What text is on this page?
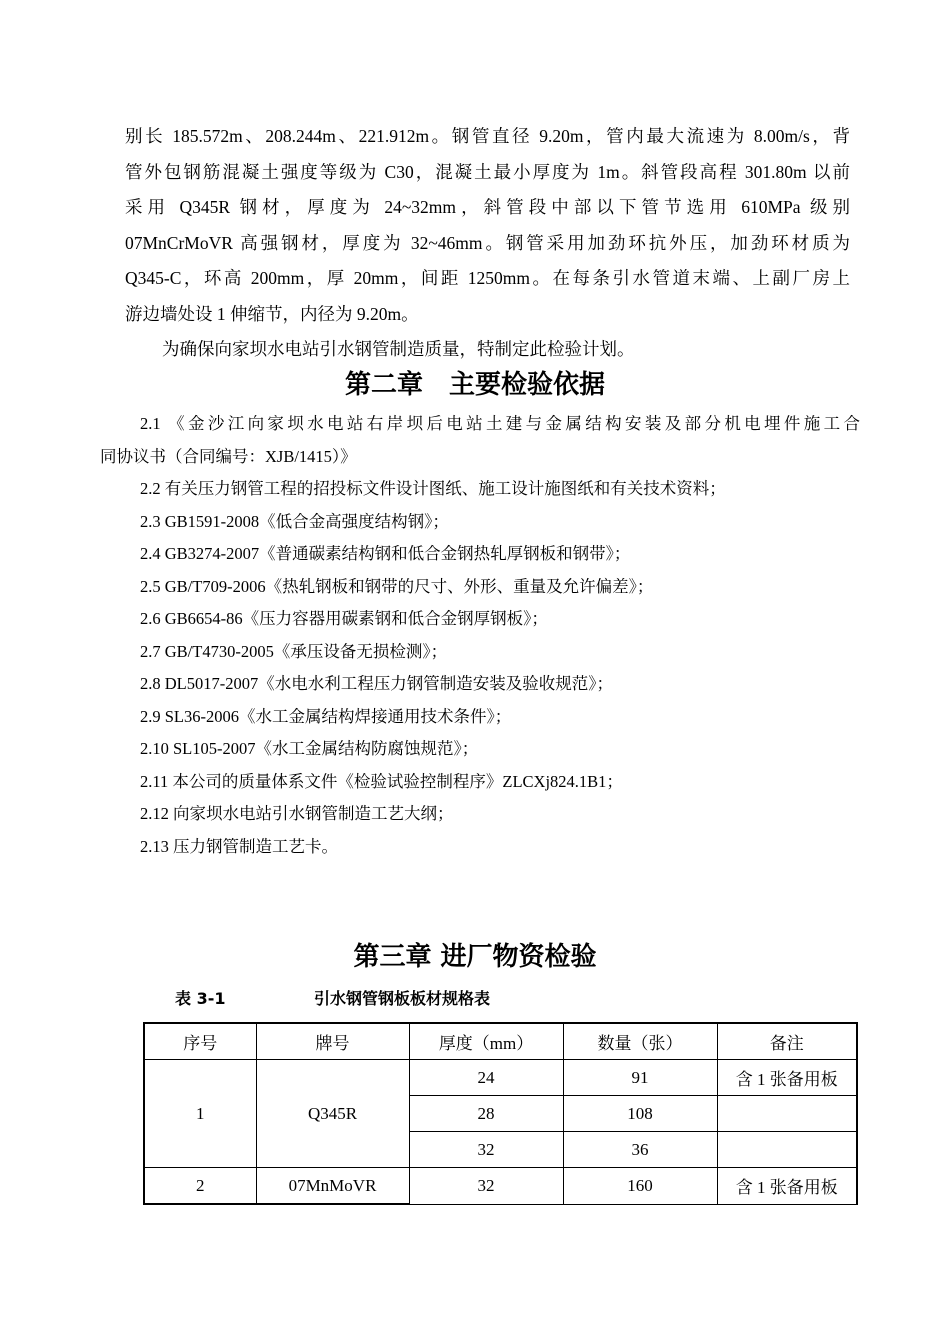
别长 185.572m、208.244m、221.912m。钢管直径 9.20m，管内最大流速为 8.00m/s，背
管外包钢筋混凝土强度等级为 C30，混凝土最小厚度为 1m。斜管段高程 301.80m 以前
采用 Q345R 钢材，厚度为 24~32mm，斜管段中部以下管节选用 610MPa 级别
07MnCrMoVR 高强钢材，厚度为 32~46mm。钢管采用加劲环抗外压，加劲环材质为
Q345-C，环高 200mm，厚 20mm，间距 1250mm。在每条引水管道末端、上副厂房上
游边墙处设 1 伸缩节，内径为 9.20m。
为确保向家坝水电站引水钢管制造质量，特制定此检验计划。
第二章　主要检验依据
2.1 《金沙江向家坝水电站右岸坝后电站土建与金属结构安装及部分机电埋件施工合
同协议书（合同编号：XJB/1415）》
2.2 有关压力钢管工程的招投标文件设计图纸、施工设计施图纸和有关技术资料；
2.3 GB1591-2008《低合金高强度结构钢》；
2.4 GB3274-2007《普通碳素结构钢和低合金钢热轧厚钢板和钢带》；
2.5 GB/T709-2006《热轧钢板和钢带的尺寸、外形、重量及允许偏差》；
2.6 GB6654-86《压力容器用碳素钢和低合金钢厚钢板》；
2.7 GB/T4730-2005《承压设备无损检测》；
2.8 DL5017-2007《水电水利工程压力钢管制造安装及验收规范》；
2.9 SL36-2006《水工金属结构焊接通用技术条件》；
2.10 SL105-2007《水工金属结构防腐蚀规范》；
2.11 本公司的质量体系文件《检验试验控制程序》ZLCXj824.1B1；
2.12 向家坝水电站引水钢管制造工艺大纲；
2.13 压力钢管制造工艺卡。
第三章 进厂物资检验
表 3-1	引水钢管钢板板材规格表
序号	牌号	厚度（mm）	数量（张）	备注
1	Q345R	24	91	含 1 张备用板
		28	108	
		32	36	
2	07MnMoVR	32	160	含 1 张备用板
